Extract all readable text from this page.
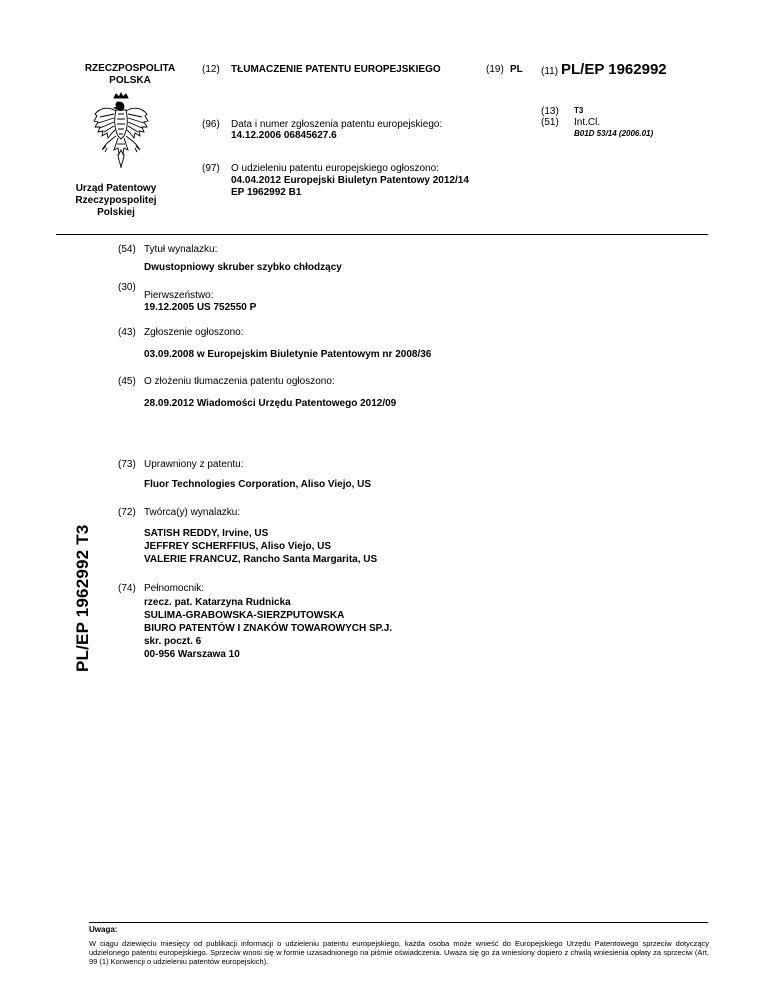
RZECZPOSPOLITA
POLSKA
Urząd Patentowy
Rzeczypospolitej
Polskiej
PL/EP 1962992 T3
(12) TŁUMACZENIE PATENTU EUROPEJSKIEGO	(19) PL (11) PL/EP 1962992
(13) T3
(51) Int.Cl.
B01D 53/14 (2006.01)
(96) Data i numer zgłoszenia patentu europejskiego:
14.12.2006 06845627.6
(97) O udzieleniu patentu europejskiego ogłoszono:
04.04.2012 Europejski Biuletyn Patentowy 2012/14
EP 1962992 B1
(54) Tytuł wynalazku:
Dwustopniowy skruber szybko chłodzący
(30)
Pierwszeństwo:
19.12.2005 US 752550 P
(43) Zgłoszenie ogłoszono:
03.09.2008 w Europejskim Biuletynie Patentowym nr 2008/36
(45) O złożeniu tłumaczenia patentu ogłoszono:
28.09.2012 Wiadomości Urzędu Patentowego 2012/09
(73) Uprawniony z patentu:
Fluor Technologies Corporation, Aliso Viejo, US
(72) Twórca(y) wynalazku:
SATISH REDDY, Irvine, US
JEFFREY SCHERFFIUS, Aliso Viejo, US
VALERIE FRANCUZ, Rancho Santa Margarita, US
(74) Pełnomocnik:
rzecz. pat. Katarzyna Rudnicka
SULIMA-GRABOWSKA-SIERZPUTOWSKA
BIURO PATENTÓW I ZNAKÓW TOWAROWYCH SP.J.
skr. poczt. 6
00-956 Warszawa 10
Uwaga:
W ciągu dziewięciu miesięcy od publikacji informacji o udzieleniu patentu europejskiego, każda osoba może wnieść do Europejskiego Urzędu Patentowego sprzeciw dotyczący udzielonego patentu europejskiego. Sprzeciw wnosi się w formie uzasadnionego na piśmie oświadczenia. Uważa się go za wniesiony dopiero z chwilą wniesienia opłaty za sprzeciw (Art. 99 (1) Konwencji o udzieleniu patentów europejskich).
